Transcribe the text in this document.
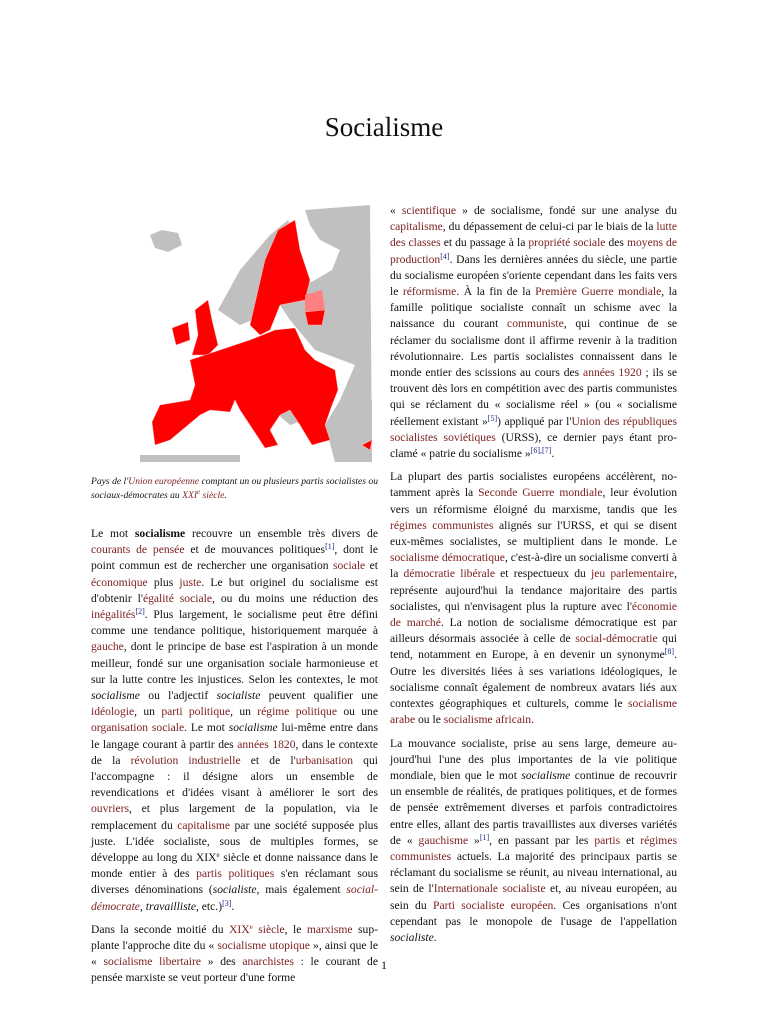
Socialisme
Pays de l'Union européenne comptant un ou plusieurs partis socialistes ou sociaux-démocrates au XXIe siècle.

Le mot socialisme recouvre un ensemble très divers de courants de pensée et de mouvances politiques[1], dont le point commun est de rechercher une organisation sociale et économique plus juste. Le but originel du socialisme est d'obtenir l'égalité sociale, ou du moins une réduction des inégalités[2]. Plus largement, le socialisme peut être défini comme une tendance politique, historiquement marquée à gauche, dont le principe de base est l'aspiration à un monde meilleur, fondé sur une organisation sociale harmonieuse et sur la lutte contre les injustices. Selon les contextes, le mot socialisme ou l'adjectif socialiste peuvent qualifier une idéologie, un parti politique, un régime politique ou une organisation sociale. Le mot socialisme lui-même entre dans le langage courant à partir des années 1820, dans le contexte de la révolution industrielle et de l'urbanisation qui l'accompagne : il désigne alors un ensemble de revendications et d'idées visant à améliorer le sort des ouvriers, et plus largement de la population, via le remplacement du capitalisme par une société supposée plus juste. L'idée socialiste, sous de multiples formes, se développe au long du XIXe siècle et donne naissance dans le monde entier à des partis politiques s'en réclamant sous diverses dénominations (socialiste, mais également social-démocrate, travailliste, etc.)[3].

Dans la seconde moitié du XIXe siècle, le marxisme supplante l'approche dite du « socialisme utopique », ainsi que le « socialisme libertaire » des anarchistes : le courant de pensée marxiste se veut porteur d'une forme

« scientifique » de socialisme, fondé sur une analyse du capitalisme, du dépassement de celui-ci par le biais de la lutte des classes et du passage à la propriété sociale des moyens de production[4]. Dans les dernières années du siècle, une partie du socialisme européen s'oriente cependant dans les faits vers le réformisme. À la fin de la Première Guerre mondiale, la famille politique socialiste connaît un schisme avec la naissance du courant communiste, qui continue de se réclamer du socialisme dont il affirme revenir à la tradition révolutionnaire. Les partis socialistes connaissent dans le monde entier des scissions au cours des années 1920 ; ils se trouvent dès lors en compétition avec des partis communistes qui se réclament du « socialisme réel » (ou « socialisme réellement existant »[5]) appliqué par l'Union des républiques socialistes soviétiques (URSS), ce dernier pays étant proclamé « patrie du socialisme »[6],[7].

La plupart des partis socialistes européens accélèrent, notamment après la Seconde Guerre mondiale, leur évolution vers un réformisme éloigné du marxisme, tandis que les régimes communistes alignés sur l'URSS, et qui se disent eux-mêmes socialistes, se multiplient dans le monde. Le socialisme démocratique, c'est-à-dire un socialisme converti à la démocratie libérale et respectueux du jeu parlementaire, représente aujourd'hui la tendance majoritaire des partis socialistes, qui n'envisagent plus la rupture avec l'économie de marché. La notion de socialisme démocratique est par ailleurs désormais associée à celle de social-démocratie qui tend, notamment en Europe, à en devenir un synonyme[8]. Outre les diversités liées à ses variations idéologiques, le socialisme connaît également de nombreux avatars liés aux contextes géographiques et culturels, comme le socialisme arabe ou le socialisme africain.

La mouvance socialiste, prise au sens large, demeure aujourd'hui l'une des plus importantes de la vie politique mondiale, bien que le mot socialisme continue de recouvrir un ensemble de réalités, de pratiques politiques, et de formes de pensée extrêmement diverses et parfois contradictoires entre elles, allant des partis travaillistes aux diverses variétés de « gauchisme »[1], en passant par les partis et régimes communistes actuels. La majorité des principaux partis se réclamant du socialisme se réunit, au niveau international, au sein de l'Internationale socialiste et, au niveau européen, au sein du Parti socialiste européen. Ces organisations n'ont cependant pas le monopole de l'usage de l'appellation socialiste.

1
